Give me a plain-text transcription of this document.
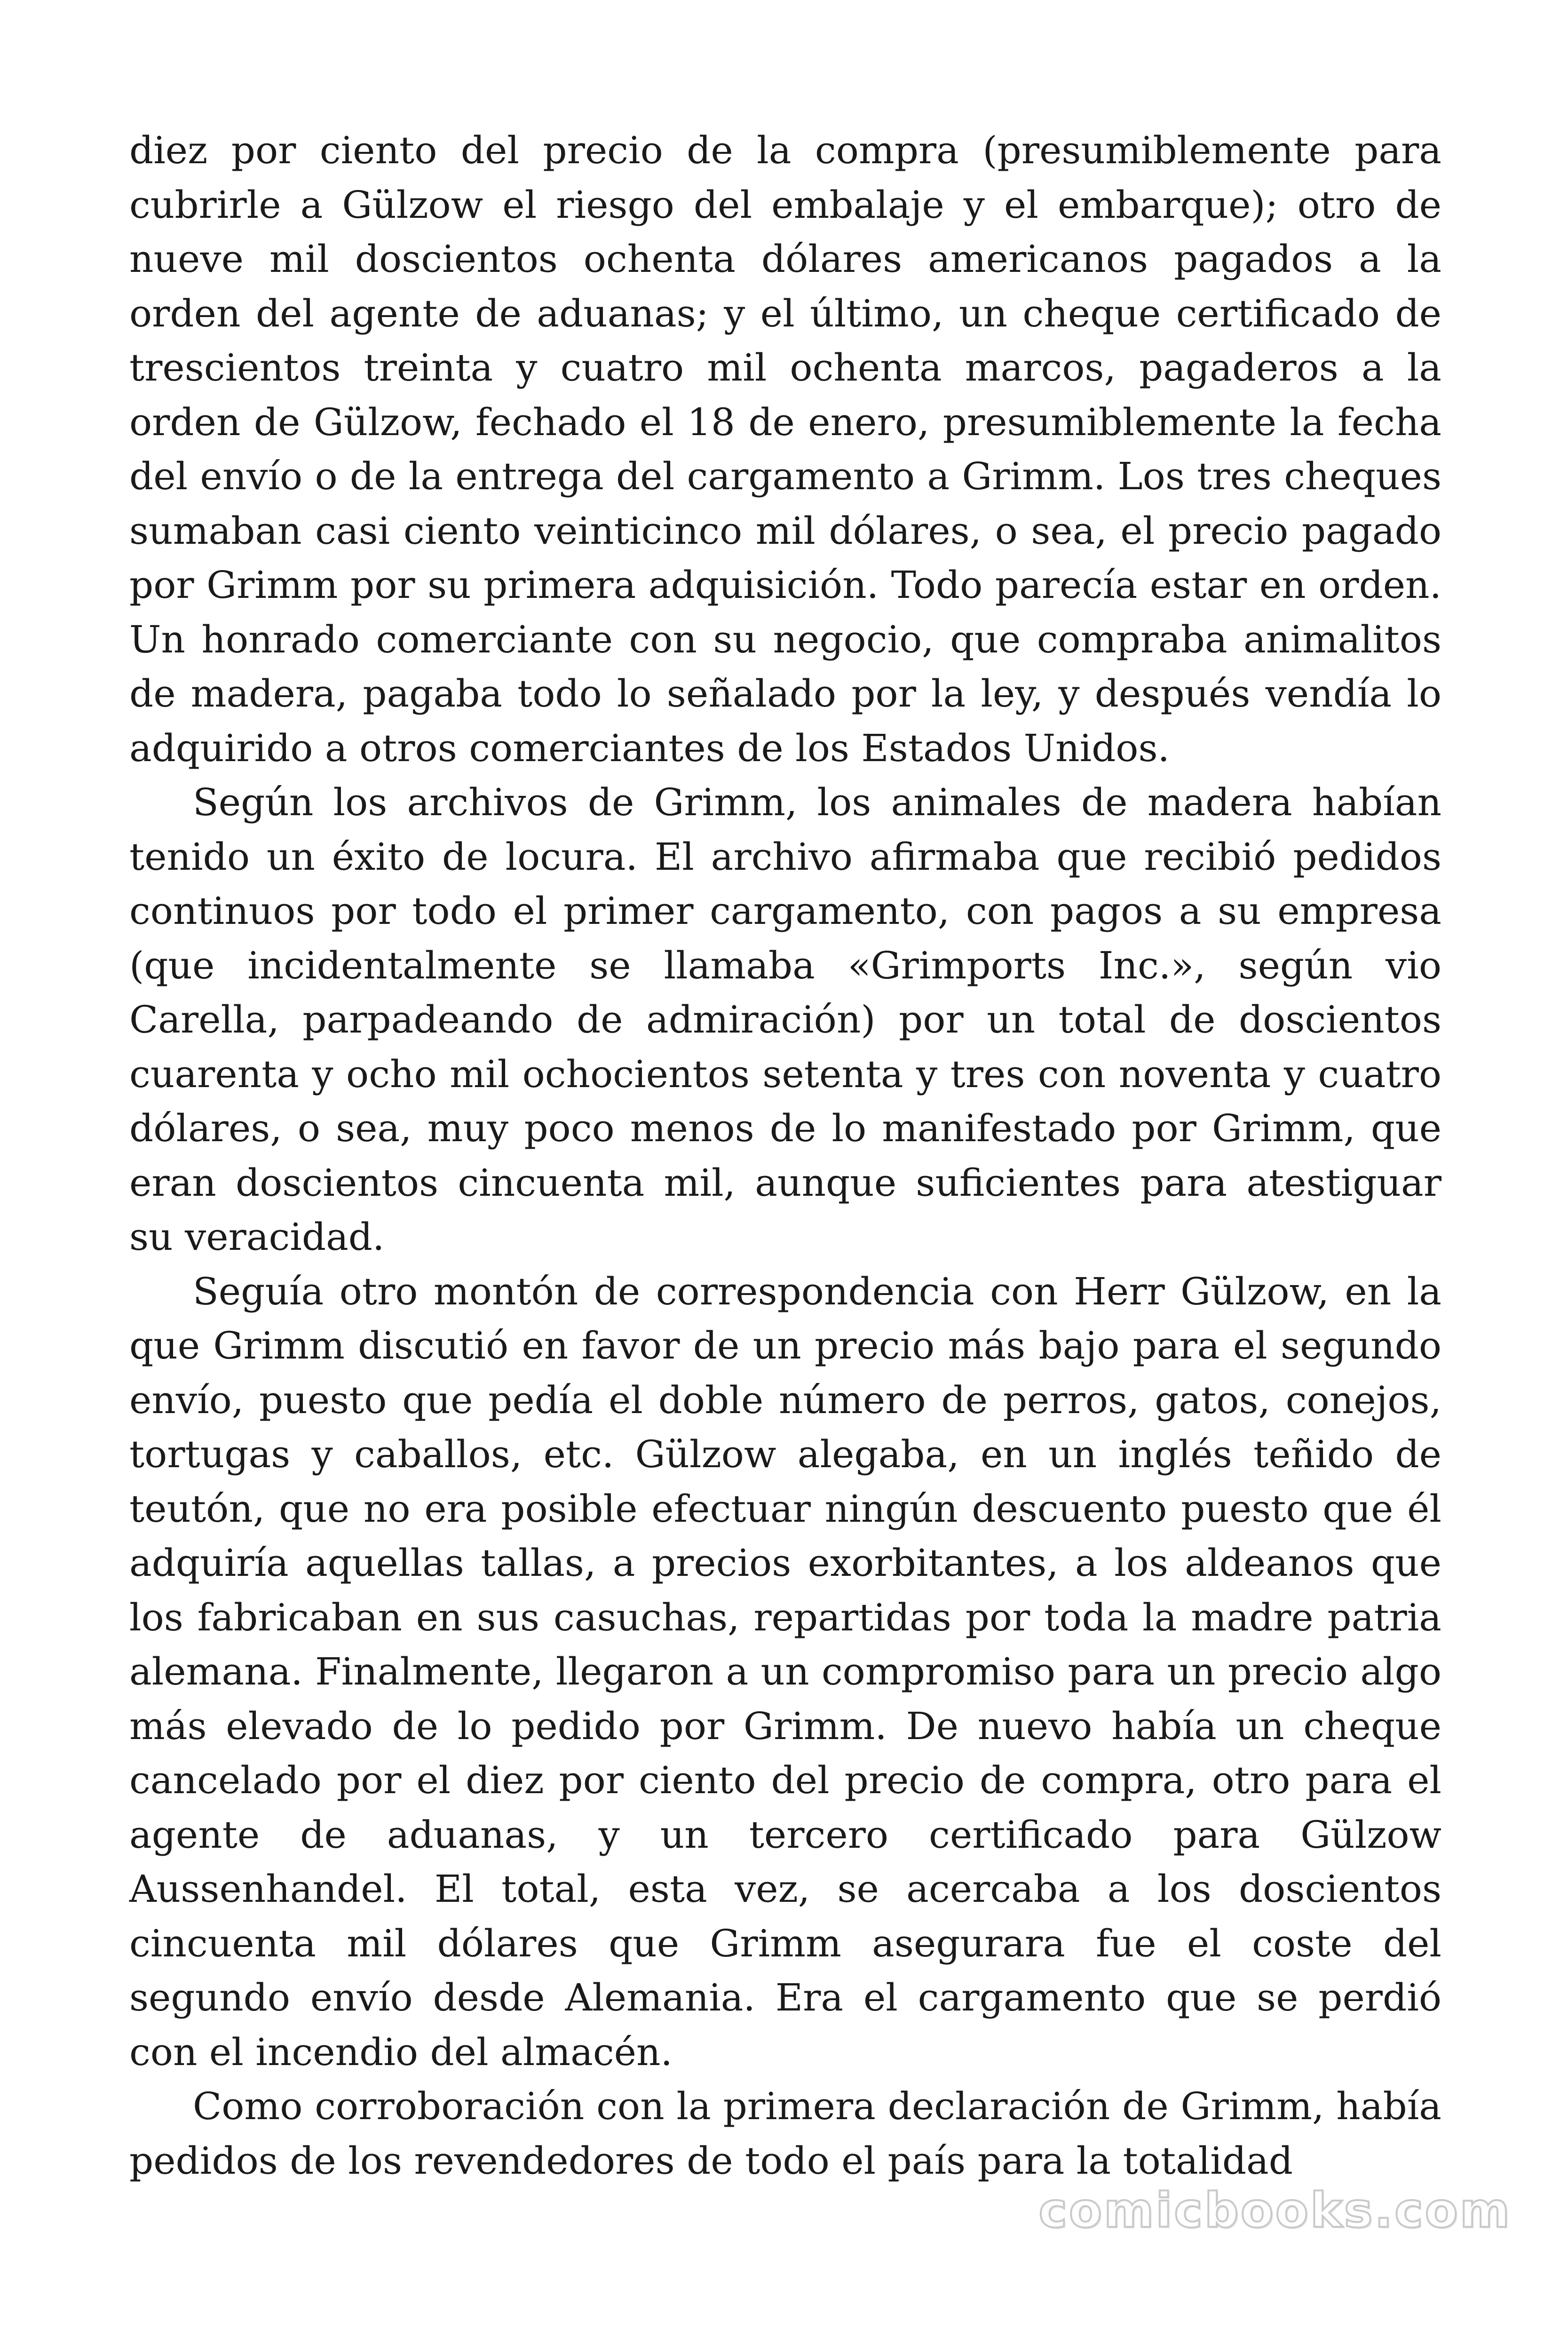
diez por ciento del precio de la compra (presumiblemente para cubrirle a Gülzow el riesgo del embalaje y el embarque); otro de nueve mil doscientos ochenta dólares americanos pagados a la orden del agente de aduanas; y el último, un cheque certificado de trescientos treinta y cuatro mil ochenta marcos, pagaderos a la orden de Gülzow, fechado el 18 de enero, presumiblemente la fecha del envío o de la entrega del cargamento a Grimm. Los tres cheques sumaban casi ciento veinticinco mil dólares, o sea, el precio pagado por Grimm por su primera adquisición. Todo parecía estar en orden. Un honrado comerciante con su negocio, que compraba animalitos de madera, pagaba todo lo señalado por la ley, y después vendía lo adquirido a otros comerciantes de los Estados Unidos.

Según los archivos de Grimm, los animales de madera habían tenido un éxito de locura. El archivo afirmaba que recibió pedidos continuos por todo el primer cargamento, con pagos a su empresa (que incidentalmente se llamaba «Grimports Inc.», según vio Carella, parpadeando de admiración) por un total de doscientos cuarenta y ocho mil ochocientos setenta y tres con noventa y cuatro dólares, o sea, muy poco menos de lo manifestado por Grimm, que eran doscientos cincuenta mil, aunque suficientes para atestiguar su veracidad.

Seguía otro montón de correspondencia con Herr Gülzow, en la que Grimm discutió en favor de un precio más bajo para el segundo envío, puesto que pedía el doble número de perros, gatos, conejos, tortugas y caballos, etc. Gülzow alegaba, en un inglés teñido de teutón, que no era posible efectuar ningún descuento puesto que él adquiría aquellas tallas, a precios exorbitantes, a los aldeanos que los fabricaban en sus casuchas, repartidas por toda la madre patria alemana. Finalmente, llegaron a un compromiso para un precio algo más elevado de lo pedido por Grimm. De nuevo había un cheque cancelado por el diez por ciento del precio de compra, otro para el agente de aduanas, y un tercero certificado para Gülzow Aussenhandel. El total, esta vez, se acercaba a los doscientos cincuenta mil dólares que Grimm asegurara fue el coste del segundo envío desde Alemania. Era el cargamento que se perdió con el incendio del almacén.

Como corroboración con la primera declaración de Grimm, había pedidos de los revendedores de todo el país para la totalidad

comicbooks.com
